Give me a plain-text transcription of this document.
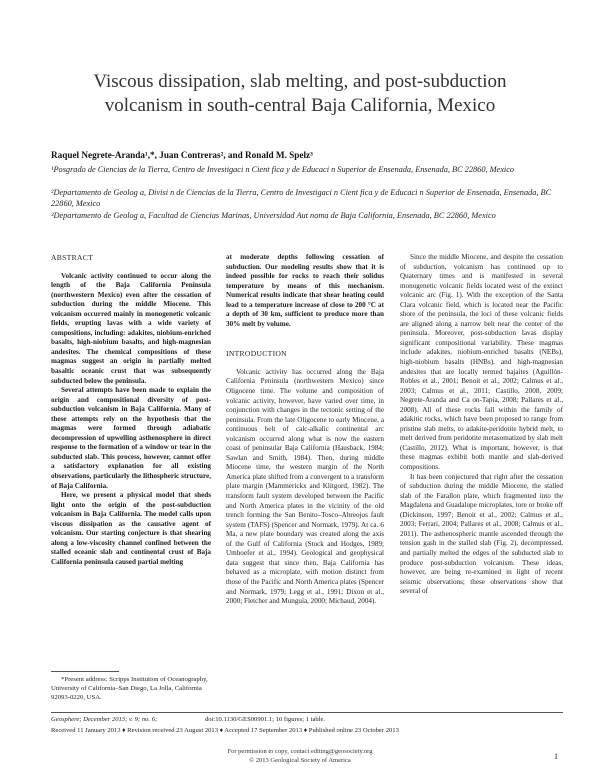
Viscous dissipation, slab melting, and post-subduction
volcanism in south-central Baja California, Mexico
Raquel Negrete-Aranda¹,*, Juan Contreras², and Ronald M. Spelz³
¹Posgrado de Ciencias de la Tierra, Centro de Investigaci n Cient fica y de Educaci n Superior de Ensenada, Ensenada, BC 22860, Mexico
²Departamento de Geolog a, Divisi n de Ciencias de la Tierra, Centro de Investigaci n Cient fica y de Educaci n Superior de Ensenada, Ensenada, BC 22860, Mexico
³Departamento de Geolog a, Facultad de Ciencias Marinas, Universidad Aut noma de Baja California, Ensenada, BC 22860, Mexico
ABSTRACT

Volcanic activity continued to occur along the length of the Baja California Peninsula (northwestern Mexico) even after the cessation of subduction during the middle Miocene. This volcanism occurred mainly in monogenetic volcanic fields, erupting lavas with a wide variety of compositions, including: adakites, niobium-enriched basalts, high-niobium basalts, and high-magnesian andesites. The chemical compositions of these magmas suggest an origin in partially melted basaltic oceanic crust that was subsequently subducted below the peninsula.

Several attempts have been made to explain the origin and compositional diversity of post-subduction volcanism in Baja California. Many of these attempts rely on the hypothesis that the magmas were formed through adiabatic decompression of upwelling asthenosphere in direct response to the formation of a window or tear in the subducted slab. This process, however, cannot offer a satisfactory explanation for all existing observations, particularly the lithospheric structure, of Baja California.

Here, we present a physical model that sheds light onto the origin of the post-subduction volcanism in Baja California. The model calls upon viscous dissipation as the causative agent of volcanism. Our starting conjecture is that shearing along a low-viscosity channel confined between the stalled oceanic slab and continental crust of Baja California peninsula caused partial melting

at moderate depths following cessation of subduction. Our modeling results show that it is indeed possible for rocks to reach their solidus temperature by means of this mechanism. Numerical results indicate that shear heating could lead to a temperature increase of close to 200 °C at a depth of 30 km, sufficient to produce more than 30% melt by volume.

INTRODUCTION

Volcanic activity has occurred along the Baja California Peninsula (northwestern Mexico) since Oligocene time. The volume and composition of volcanic activity, however, have varied over time, in conjunction with changes in the tectonic setting of the peninsula. From the late Oligocene to early Miocene, a continuous belt of calc-alkalic continental arc volcanism occurred along what is now the eastern coast of peninsular Baja California (Hausback, 1984; Sawlan and Smith, 1984). Then, during middle Miocene time, the western margin of the North America plate shifted from a convergent to a transform plate margin (Mammerickx and Klitgord, 1982). The transform fault system developed between the Pacific and North America plates in the vicinity of the old trench forming the San Benito–Tosco–Abreojos fault system (TAFS) (Spencer and Normark, 1979). At ca. 6 Ma, a new plate boundary was created along the axis of the Gulf of California (Stock and Hodges, 1989; Umhoefer et al., 1994). Geological and geophysical data suggest that since then, Baja California has behaved as a microplate, with motion distinct from those of the Pacific and North America plates (Spencer and Normark, 1979; Legg et al., 1991; Dixon et al., 2000; Fletcher and Munguía, 2000; Michaud, 2004).

Since the middle Miocene, and despite the cessation of subduction, volcanism has continued up to Quaternary times and is manifested in several monogenetic volcanic fields located west of the extinct volcanic arc (Fig. 1). With the exception of the Santa Clara volcanic field, which is located near the Pacific shore of the peninsula, the loci of these volcanic fields are aligned along a narrow belt near the center of the peninsula. Moreover, post-subduction lavas display significant compositional variability. These magmas include adakites, niobium-enriched basalts (NEBs), high-niobium basalts (HNBs), and high-magnesian andesites that are locally termed bajaites (Aguillón-Robles et al., 2001; Benoit et al., 2002; Calmus et al., 2003; Calmus et al., 2011; Castillo, 2008, 2009; Negrete-Aranda and Ca on-Tapia, 2008; Pallares et al., 2008). All of these rocks fall within the family of adakitic rocks, which have been proposed to range from pristine slab melts, to adakite-peridotite hybrid melt, to melt derived from peridotite metasomatized by slab melt (Castillo, 2012). What is important, however, is that these magmas exhibit both mantle and slab-derived compositions.

It has been conjectured that right after the cessation of subduction during the middle Miocene, the stalled slab of the Farallon plate, which fragmented into the Magdalena and Guadalupe microplates, tore or broke off (Dickinson, 1997; Benoit et al., 2002; Calmus et al., 2003; Ferrari, 2004; Pallares et al., 2008; Calmus et al., 2011). The asthenospheric mantle ascended through the tension gash in the stalled slab (Fig. 2), decompressed, and partially melted the edges of the subducted slab to produce post-subduction volcanism. These ideas, however, are being re-examined in light of recent seismic observations; these observations show that several of

*Present address: Scripps Institution of Oceanography, University of California–San Diego, La Jolla, California 92093-0220, USA.
Geosphere; December 2013; v. 9; no. 6;	doi:10.1130/GES00901.1; 10 figures; 1 table.
Received 11 January 2013 ♦ Revision received 23 August 2013 ♦ Accepted 17 September 2013 ♦ Published online 23 October 2013
For permission to copy, contact editing@geosociety.org
© 2013 Geological Society of America	1
